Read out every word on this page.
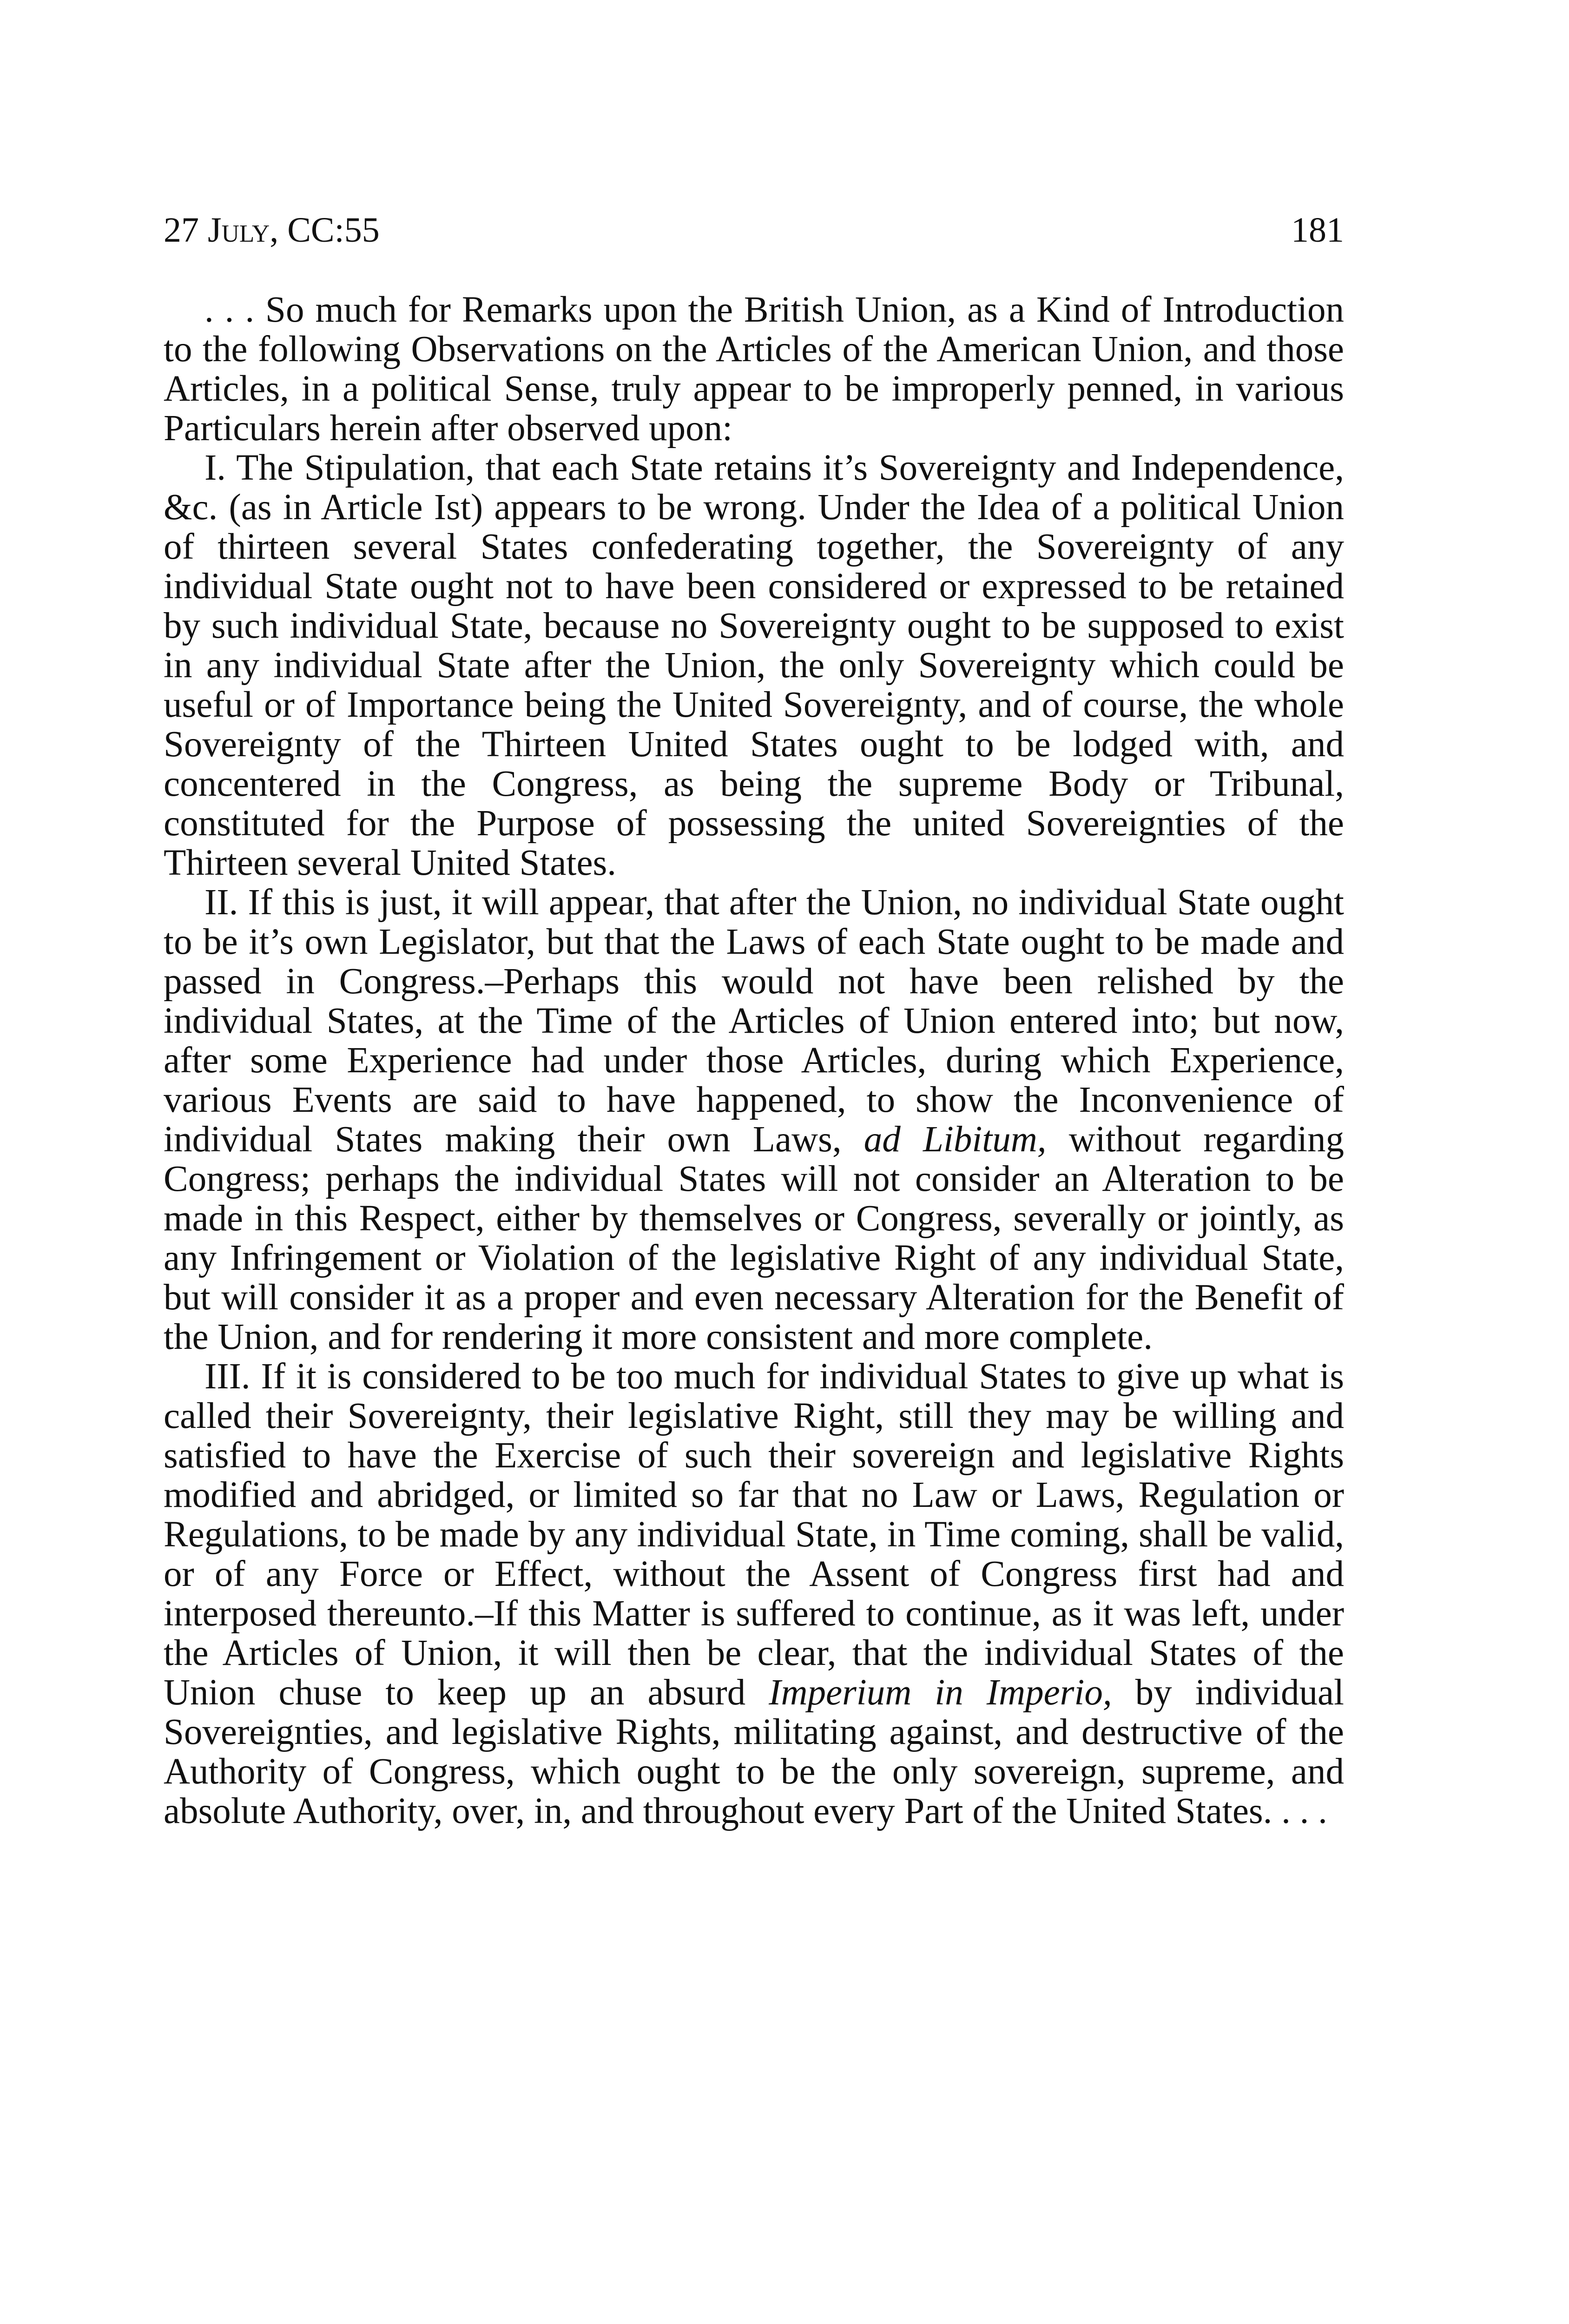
27 July, CC:55	181

. . . So much for Remarks upon the British Union, as a Kind of Introduction to the following Observations on the Articles of the American Union, and those Articles, in a political Sense, truly appear to be improperly penned, in various Particulars herein after observed upon:

I. The Stipulation, that each State retains it’s Sovereignty and Independence, &c. (as in Article Ist) appears to be wrong. Under the Idea of a political Union of thirteen several States confederating together, the Sovereignty of any individual State ought not to have been considered or expressed to be retained by such individual State, because no Sovereignty ought to be supposed to exist in any individual State after the Union, the only Sovereignty which could be useful or of Importance being the United Sovereignty, and of course, the whole Sovereignty of the Thirteen United States ought to be lodged with, and concentered in the Congress, as being the supreme Body or Tribunal, constituted for the Purpose of possessing the united Sovereignties of the Thirteen several United States.

II. If this is just, it will appear, that after the Union, no individual State ought to be it’s own Legislator, but that the Laws of each State ought to be made and passed in Congress.–Perhaps this would not have been relished by the individual States, at the Time of the Articles of Union entered into; but now, after some Experience had under those Articles, during which Experience, various Events are said to have happened, to show the Inconvenience of individual States making their own Laws, ad Libitum, without regarding Congress; perhaps the individual States will not consider an Alteration to be made in this Respect, either by themselves or Congress, severally or jointly, as any Infringement or Violation of the legislative Right of any individual State, but will consider it as a proper and even necessary Alteration for the Benefit of the Union, and for rendering it more consistent and more complete.

III. If it is considered to be too much for individual States to give up what is called their Sovereignty, their legislative Right, still they may be willing and satisfied to have the Exercise of such their sovereign and legislative Rights modified and abridged, or limited so far that no Law or Laws, Regulation or Regulations, to be made by any individual State, in Time coming, shall be valid, or of any Force or Effect, without the Assent of Congress first had and interposed thereunto.–If this Matter is suffered to continue, as it was left, under the Articles of Union, it will then be clear, that the individual States of the Union chuse to keep up an absurd Imperium in Imperio, by individual Sovereignties, and legislative Rights, militating against, and destructive of the Authority of Congress, which ought to be the only sovereign, supreme, and absolute Authority, over, in, and throughout every Part of the United States. . . .
